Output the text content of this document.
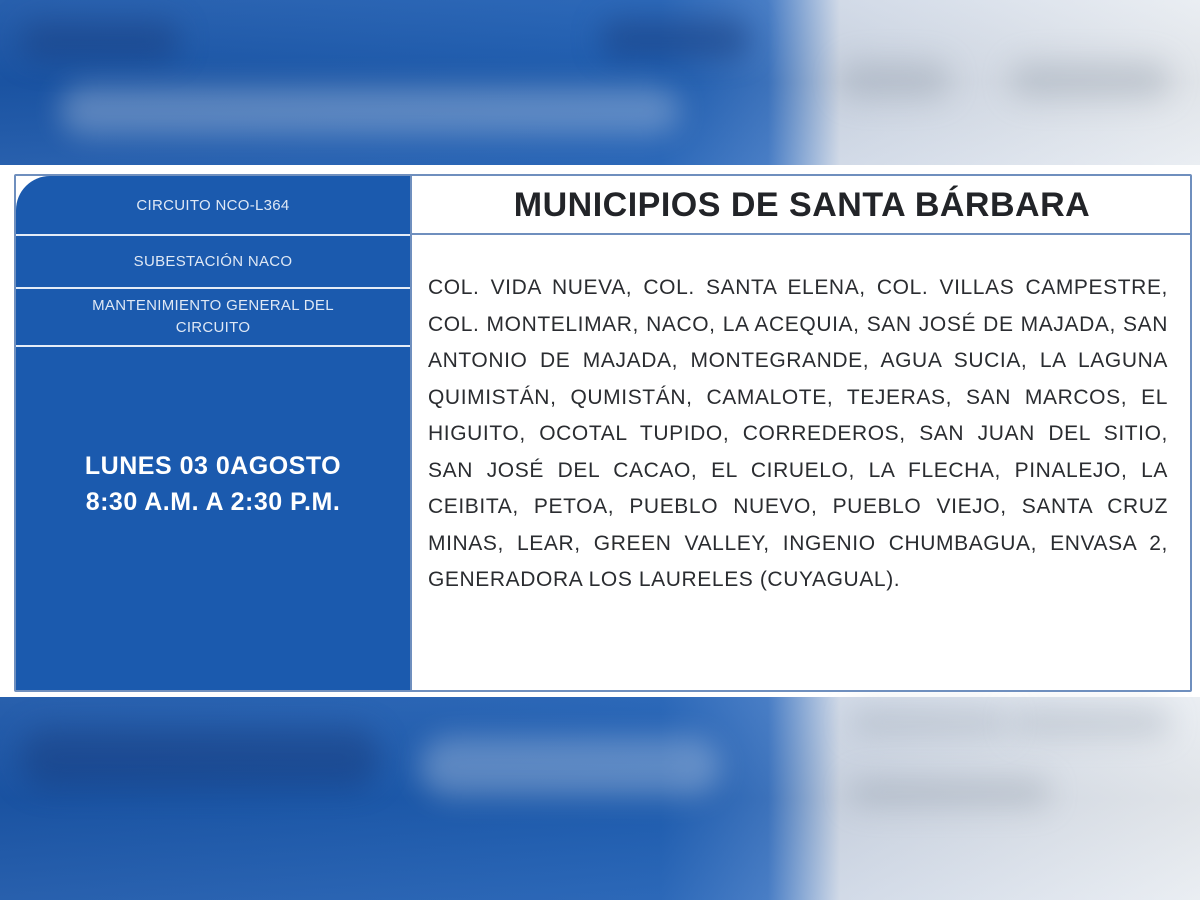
CIRCUITO NCO-L364
SUBESTACIÓN NACO
MANTENIMIENTO GENERAL DEL CIRCUITO
LUNES 03 0AGOSTO
8:30 A.M. A 2:30 P.M.
MUNICIPIOS DE SANTA BÁRBARA
COL. VIDA NUEVA, COL. SANTA ELENA, COL. VILLAS CAMPESTRE, COL. MONTELIMAR, NACO, LA ACEQUIA, SAN JOSÉ DE MAJADA, SAN ANTONIO DE MAJADA, MONTEGRANDE, AGUA SUCIA, LA LAGUNA QUIMISTÁN, QUMISTÁN, CAMALOTE, TEJERAS, SAN MARCOS, EL HIGUITO, OCOTAL TUPIDO, CORREDEROS, SAN JUAN DEL SITIO, SAN JOSÉ DEL CACAO, EL CIRUELO, LA FLECHA, PINALEJO, LA CEIBITA, PETOA, PUEBLO NUEVO, PUEBLO VIEJO, SANTA CRUZ MINAS, LEAR, GREEN VALLEY, INGENIO CHUMBAGUA, ENVASA 2, GENERADORA LOS LAURELES (CUYAGUAL).
